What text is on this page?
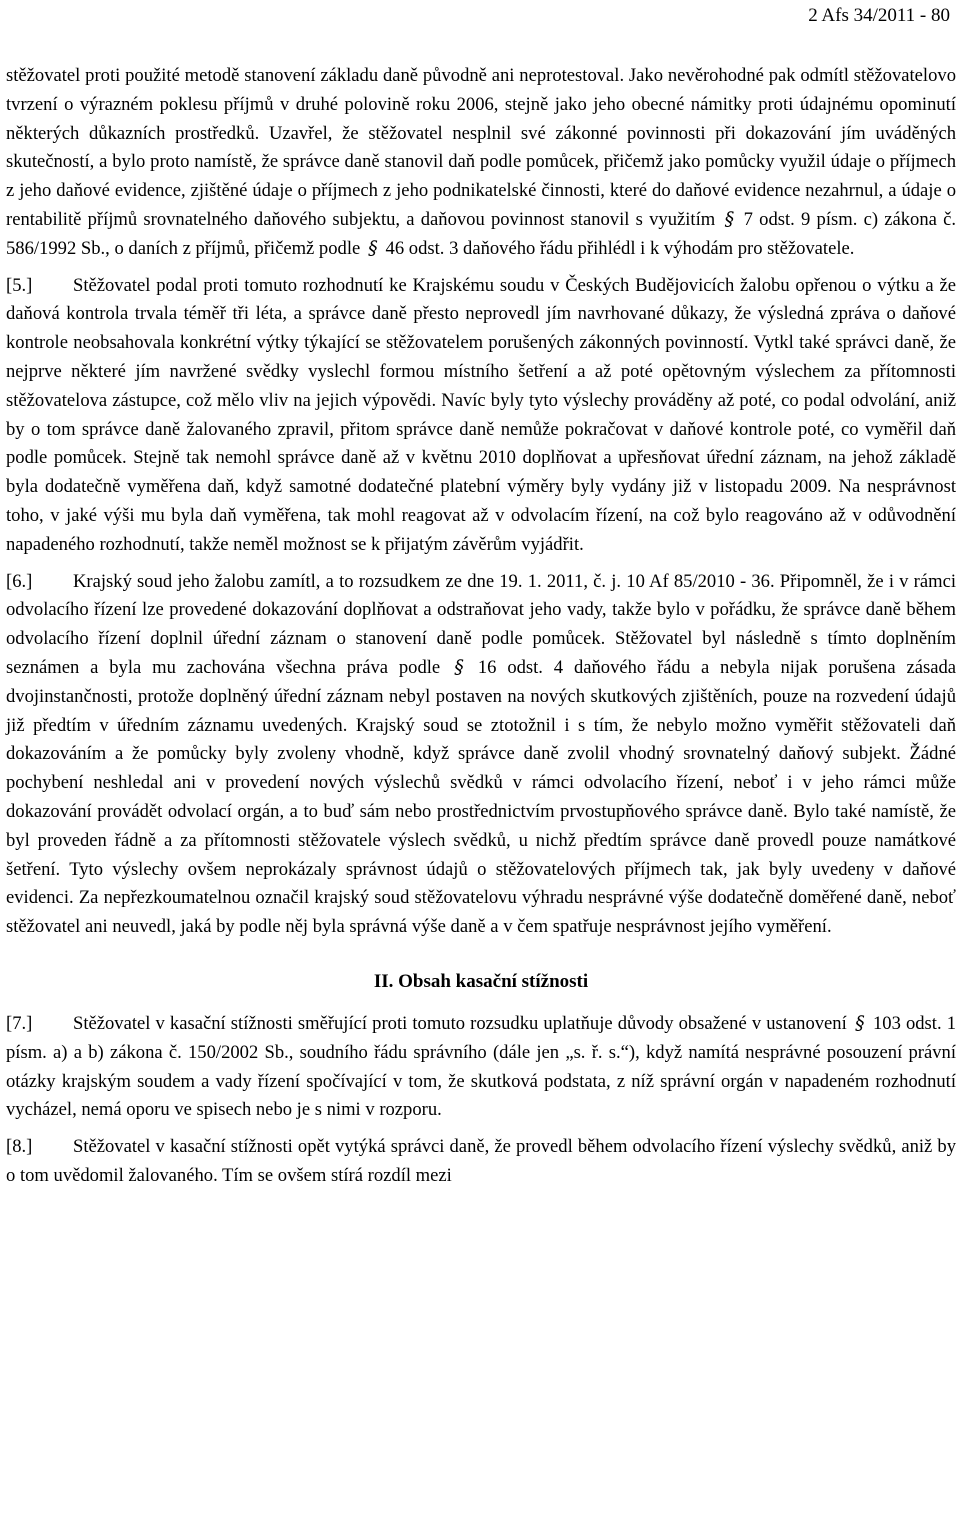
2 Afs 34/2011 - 80

stěžovatel proti použité metodě stanovení základu daně původně ani neprotestoval. Jako nevěrohodné pak odmítl stěžovatelovo tvrzení o výrazném poklesu příjmů v druhé polovině roku 2006, stejně jako jeho obecné námitky proti údajnému opominutí některých důkazních prostředků. Uzavřel, že stěžovatel nesplnil své zákonné povinnosti při dokazování jím uváděných skutečností, a bylo proto namístě, že správce daně stanovil daň podle pomůcek, přičemž jako pomůcky využil údaje o příjmech z jeho daňové evidence, zjištěné údaje o příjmech z jeho podnikatelské činnosti, které do daňové evidence nezahrnul, a údaje o rentabilitě příjmů srovnatelného daňového subjektu, a daňovou povinnost stanovil s využitím § 7 odst. 9 písm. c) zákona č. 586/1992 Sb., o daních z příjmů, přičemž podle § 46 odst. 3 daňového řádu přihlédl i k výhodám pro stěžovatele.

[5.] Stěžovatel podal proti tomuto rozhodnutí ke Krajskému soudu v Českých Budějovicích žalobu opřenou o výtku a že daňová kontrola trvala téměř tři léta, a správce daně přesto neprovedl jím navrhované důkazy, že výsledná zpráva o daňové kontrole neobsahovala konkrétní výtky týkající se stěžovatelem porušených zákonných povinností. Vytkl také správci daně, že nejprve některé jím navržené svědky vyslechl formou místního šetření a až poté opětovným výslechem za přítomnosti stěžovatelova zástupce, což mělo vliv na jejich výpovědi. Navíc byly tyto výslechy prováděny až poté, co podal odvolání, aniž by o tom správce daně žalovaného zpravil, přitom správce daně nemůže pokračovat v daňové kontrole poté, co vyměřil daň podle pomůcek. Stejně tak nemohl správce daně až v květnu 2010 doplňovat a upřesňovat úřední záznam, na jehož základě byla dodatečně vyměřena daň, když samotné dodatečné platební výměry byly vydány již v listopadu 2009. Na nesprávnost toho, v jaké výši mu byla daň vyměřena, tak mohl reagovat až v odvolacím řízení, na což bylo reagováno až v odůvodnění napadeného rozhodnutí, takže neměl možnost se k přijatým závěrům vyjádřit.

[6.] Krajský soud jeho žalobu zamítl, a to rozsudkem ze dne 19. 1. 2011, č. j. 10 Af 85/2010 - 36. Připomněl, že i v rámci odvolacího řízení lze provedené dokazování doplňovat a odstraňovat jeho vady, takže bylo v pořádku, že správce daně během odvolacího řízení doplnil úřední záznam o stanovení daně podle pomůcek. Stěžovatel byl následně s tímto doplněním seznámen a byla mu zachována všechna práva podle § 16 odst. 4 daňového řádu a nebyla nijak porušena zásada dvojinstančnosti, protože doplněný úřední záznam nebyl postaven na nových skutkových zjištěních, pouze na rozvedení údajů již předtím v úředním záznamu uvedených. Krajský soud se ztotožnil i s tím, že nebylo možno vyměřit stěžovateli daň dokazováním a že pomůcky byly zvoleny vhodně, když správce daně zvolil vhodný srovnatelný daňový subjekt. Žádné pochybení neshledal ani v provedení nových výslechů svědků v rámci odvolacího řízení, neboť i v jeho rámci může dokazování provádět odvolací orgán, a to buď sám nebo prostřednictvím prvostupňového správce daně. Bylo také namístě, že byl proveden řádně a za přítomnosti stěžovatele výslech svědků, u nichž předtím správce daně provedl pouze namátkové šetření. Tyto výslechy ovšem neprokázaly správnost údajů o stěžovatelových příjmech tak, jak byly uvedeny v daňové evidenci. Za nepřezkoumatelnou označil krajský soud stěžovatelovu výhradu nesprávné výše dodatečně doměřené daně, neboť stěžovatel ani neuvedl, jaká by podle něj byla správná výše daně a v čem spatřuje nesprávnost jejího vyměření.

II. Obsah kasační stížnosti

[7.] Stěžovatel v kasační stížnosti směřující proti tomuto rozsudku uplatňuje důvody obsažené v ustanovení § 103 odst. 1 písm. a) a b) zákona č. 150/2002 Sb., soudního řádu správního (dále jen „s. ř. s.“), když namítá nesprávné posouzení právní otázky krajským soudem a vady řízení spočívající v tom, že skutková podstata, z níž správní orgán v napadeném rozhodnutí vycházel, nemá oporu ve spisech nebo je s nimi v rozporu.

[8.] Stěžovatel v kasační stížnosti opět vytýká správci daně, že provedl během odvolacího řízení výslechy svědků, aniž by o tom uvědomil žalovaného. Tím se ovšem stírá rozdíl mezi
